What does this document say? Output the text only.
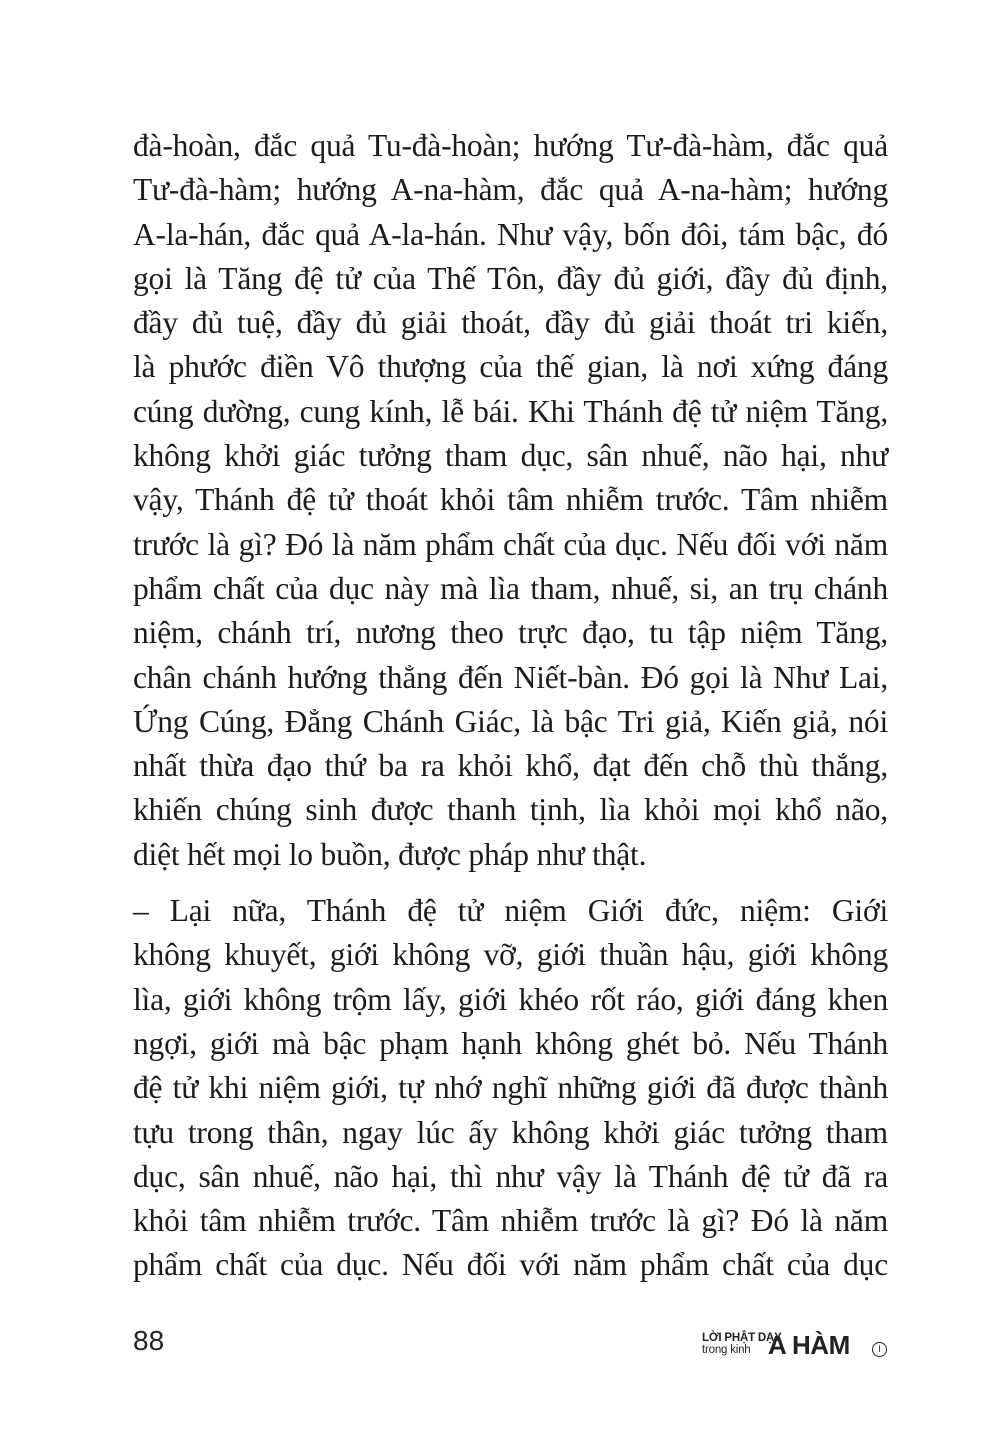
đà-hoàn, đắc quả Tu-đà-hoàn; hướng Tư-đà-hàm, đắc quả
Tư-đà-hàm; hướng A-na-hàm, đắc quả A-na-hàm; hướng
A-la-hán, đắc quả A-la-hán. Như vậy, bốn đôi, tám bậc, đó
gọi là Tăng đệ tử của Thế Tôn, đầy đủ giới, đầy đủ định,
đầy đủ tuệ, đầy đủ giải thoát, đầy đủ giải thoát tri kiến,
là phước điền Vô thượng của thế gian, là nơi xứng đáng
cúng dường, cung kính, lễ bái. Khi Thánh đệ tử niệm Tăng,
không khởi giác tưởng tham dục, sân nhuế, não hại, như
vậy, Thánh đệ tử thoát khỏi tâm nhiễm trước. Tâm nhiễm
trước là gì? Đó là năm phẩm chất của dục. Nếu đối với năm
phẩm chất của dục này mà lìa tham, nhuế, si, an trụ chánh
niệm, chánh trí, nương theo trực đạo, tu tập niệm Tăng,
chân chánh hướng thẳng đến Niết-bàn. Đó gọi là Như Lai,
Ứng Cúng, Đẳng Chánh Giác, là bậc Tri giả, Kiến giả, nói
nhất thừa đạo thứ ba ra khỏi khổ, đạt đến chỗ thù thắng,
khiến chúng sinh được thanh tịnh, lìa khỏi mọi khổ não,
diệt hết mọi lo buồn, được pháp như thật.
– Lại nữa, Thánh đệ tử niệm Giới đức, niệm: Giới
không khuyết, giới không vỡ, giới thuần hậu, giới không
lìa, giới không trộm lấy, giới khéo rốt ráo, giới đáng khen
ngợi, giới mà bậc phạm hạnh không ghét bỏ. Nếu Thánh
đệ tử khi niệm giới, tự nhớ nghĩ những giới đã được thành
tựu trong thân, ngay lúc ấy không khởi giác tưởng tham
dục, sân nhuế, não hại, thì như vậy là Thánh đệ tử đã ra
khỏi tâm nhiễm trước. Tâm nhiễm trước là gì? Đó là năm
phẩm chất của dục. Nếu đối với năm phẩm chất của dục
88	LỜI PHẬT DẠY
trong kinh A HÀM	I
